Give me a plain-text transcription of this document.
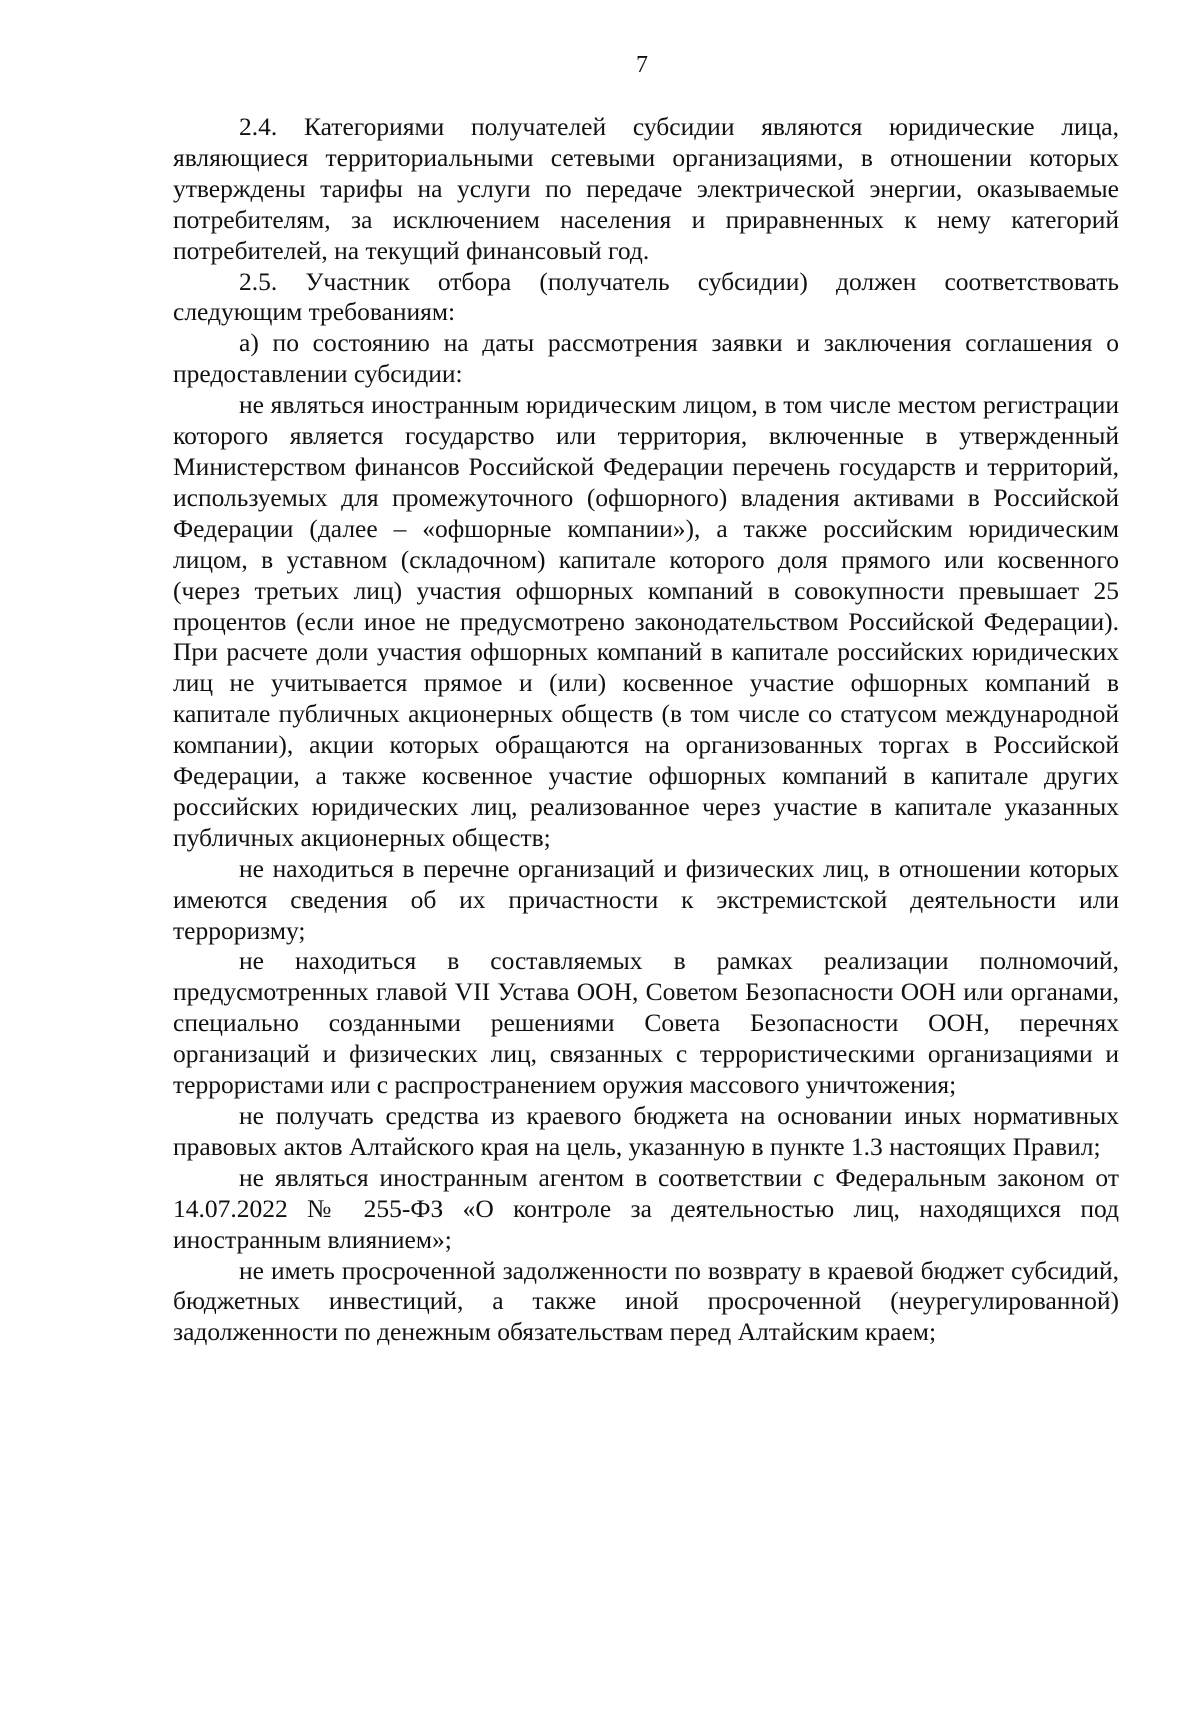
7

2.4. Категориями получателей субсидии являются юридические лица, являющиеся территориальными сетевыми организациями, в отношении которых утверждены тарифы на услуги по передаче электрической энергии, оказываемые потребителям, за исключением населения и приравненных к нему категорий потребителей, на текущий финансовый год.

2.5. Участник отбора (получатель субсидии) должен соответствовать следующим требованиям:

а) по состоянию на даты рассмотрения заявки и заключения соглашения о предоставлении субсидии:

не являться иностранным юридическим лицом, в том числе местом регистрации которого является государство или территория, включенные в утвержденный Министерством финансов Российской Федерации перечень государств и территорий, используемых для промежуточного (офшорного) владения активами в Российской Федерации (далее – «офшорные компании»), а также российским юридическим лицом, в уставном (складочном) капитале которого доля прямого или косвенного (через третьих лиц) участия офшорных компаний в совокупности превышает 25 процентов (если иное не предусмотрено законодательством Российской Федерации). При расчете доли участия офшорных компаний в капитале российских юридических лиц не учитывается прямое и (или) косвенное участие офшорных компаний в капитале публичных акционерных обществ (в том числе со статусом международной компании), акции которых обращаются на организованных торгах в Российской Федерации, а также косвенное участие офшорных компаний в капитале других российских юридических лиц, реализованное через участие в капитале указанных публичных акционерных обществ;

не находиться в перечне организаций и физических лиц, в отношении которых имеются сведения об их причастности к экстремистской деятельности или терроризму;

не находиться в составляемых в рамках реализации полномочий, предусмотренных главой VII Устава ООН, Советом Безопасности ООН или органами, специально созданными решениями Совета Безопасности ООН, перечнях организаций и физических лиц, связанных с террористическими организациями и террористами или с распространением оружия массового уничтожения;

не получать средства из краевого бюджета на основании иных нормативных правовых актов Алтайского края на цель, указанную в пункте 1.3 настоящих Правил;

не являться иностранным агентом в соответствии с Федеральным законом от 14.07.2022 № 255-ФЗ «О контроле за деятельностью лиц, находящихся под иностранным влиянием»;

не иметь просроченной задолженности по возврату в краевой бюджет субсидий, бюджетных инвестиций, а также иной просроченной (неурегулированной) задолженности по денежным обязательствам перед Алтайским краем;
